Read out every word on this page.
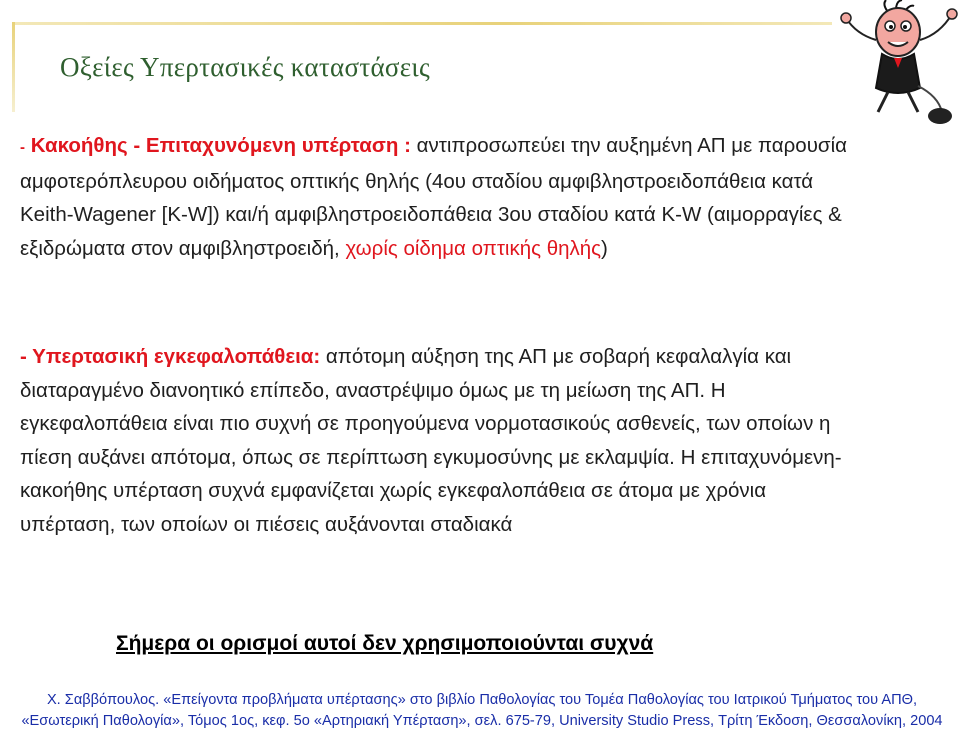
Οξείες Υπερτασικές καταστάσεις
- Κακοήθης - Επιταχυνόμενη υπέρταση : αντιπροσωπεύει την αυξημένη ΑΠ με παρουσία αμφοτερόπλευρου οιδήματος οπτικής θηλής (4ου σταδίου αμφιβληστροειδοπάθεια κατά Keith-Wagener [K-W]) και/ή αμφιβληστροειδοπάθεια 3ου σταδίου κατά K-W (αιμορραγίες & εξιδρώματα στον αμφιβληστροειδή, χωρίς οίδημα οπτικής θηλής)
- Υπερτασική εγκεφαλοπάθεια: απότομη αύξηση της ΑΠ με σοβαρή κεφαλαλγία και διαταραγμένο διανοητικό επίπεδο, αναστρέψιμο όμως με τη μείωση της ΑΠ. Η εγκεφαλοπάθεια είναι πιο συχνή σε προηγούμενα νορμοτασικούς ασθενείς, των οποίων η πίεση αυξάνει απότομα, όπως σε περίπτωση εγκυμοσύνης με εκλαμψία. Η επιταχυνόμενη-κακοήθης υπέρταση συχνά εμφανίζεται χωρίς εγκεφαλοπάθεια σε άτομα με χρόνια υπέρταση, των οποίων οι πιέσεις αυξάνονται σταδιακά
Σήμερα οι ορισμοί αυτοί δεν χρησιμοποιούνται συχνά
Χ. Σαββόπουλος. «Επείγοντα προβλήματα υπέρτασης» στο βιβλίο Παθολογίας του Τομέα Παθολογίας του Ιατρικού Τμήματος του ΑΠΘ, «Εσωτερική Παθολογία», Τόμος 1ος, κεφ. 5ο «Αρτηριακή Υπέρταση», σελ. 675-79, University Studio Press, Τρίτη Έκδοση, Θεσσαλονίκη, 2004
